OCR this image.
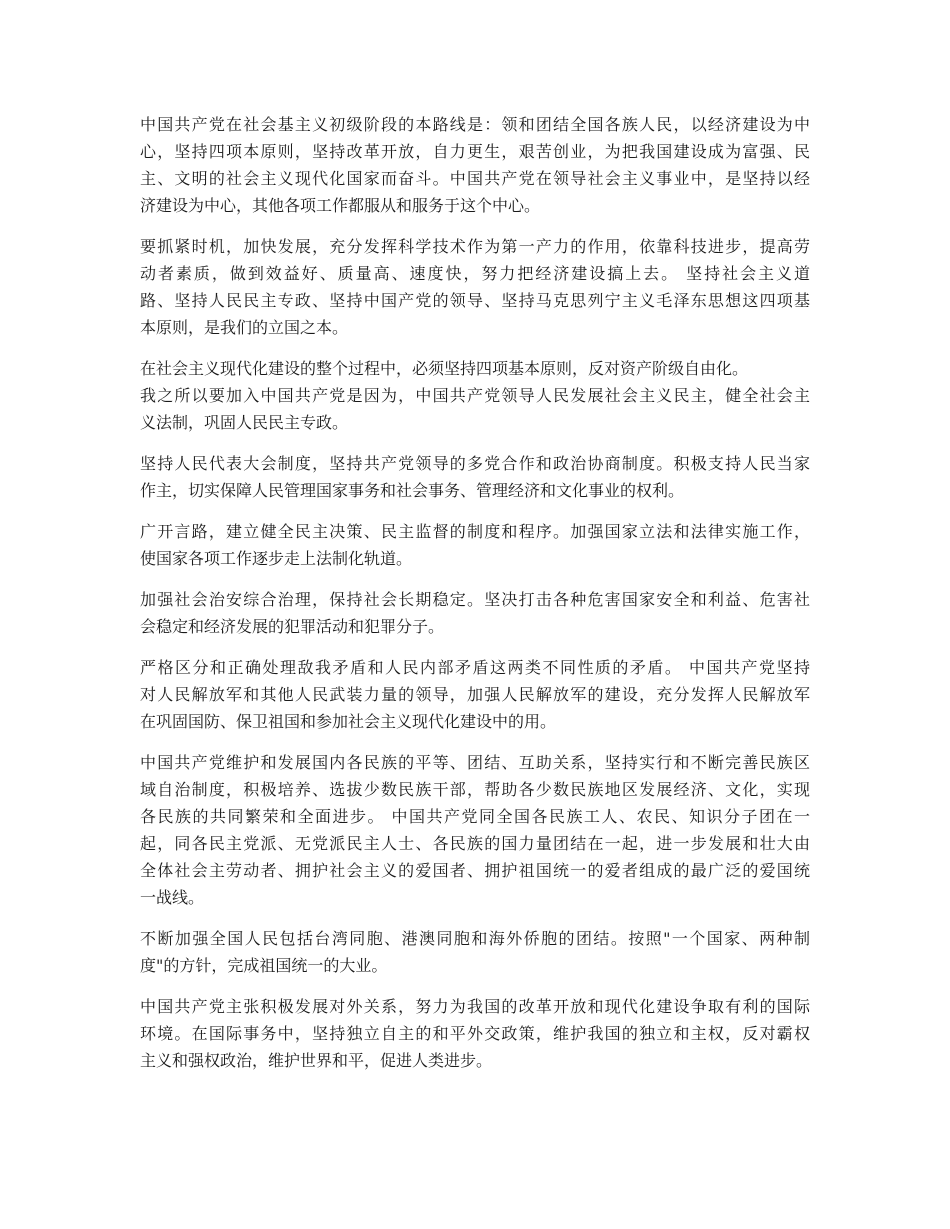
中国共产党在社会基主义初级阶段的本路线是：领和团结全国各族人民，以经济建设为中
心，坚持四项本原则，坚持改革开放，自力更生，艰苦创业，为把我国建设成为富强、民
主、文明的社会主义现代化国家而奋斗。中国共产党在领导社会主义事业中，是坚持以经
济建设为中心，其他各项工作都服从和服务于这个中心。
要抓紧时机，加快发展，充分发挥科学技术作为第一产力的作用，依靠科技进步，提高劳
动者素质，做到效益好、质量高、速度快，努力把经济建设搞上去。 坚持社会主义道
路、坚持人民民主专政、坚持中国产党的领导、坚持马克思列宁主义毛泽东思想这四项基
本原则，是我们的立国之本。
在社会主义现代化建设的整个过程中，必须坚持四项基本原则，反对资产阶级自由化。
我之所以要加入中国共产党是因为，中国共产党领导人民发展社会主义民主，健全社会主
义法制，巩固人民民主专政。
坚持人民代表大会制度，坚持共产党领导的多党合作和政治协商制度。积极支持人民当家
作主，切实保障人民管理国家事务和社会事务、管理经济和文化事业的权利。
广开言路，建立健全民主决策、民主监督的制度和程序。加强国家立法和法律实施工作，
使国家各项工作逐步走上法制化轨道。
加强社会治安综合治理，保持社会长期稳定。坚决打击各种危害国家安全和利益、危害社
会稳定和经济发展的犯罪活动和犯罪分子。
严格区分和正确处理敌我矛盾和人民内部矛盾这两类不同性质的矛盾。 中国共产党坚持
对人民解放军和其他人民武装力量的领导，加强人民解放军的建设，充分发挥人民解放军
在巩固国防、保卫祖国和参加社会主义现代化建设中的用。
中国共产党维护和发展国内各民族的平等、团结、互助关系，坚持实行和不断完善民族区
域自治制度，积极培养、选拔少数民族干部，帮助各少数民族地区发展经济、文化，实现
各民族的共同繁荣和全面进步。 中国共产党同全国各民族工人、农民、知识分子团在一
起，同各民主党派、无党派民主人士、各民族的国力量团结在一起，进一步发展和壮大由
全体社会主劳动者、拥护社会主义的爱国者、拥护祖国统一的爱者组成的最广泛的爱国统
一战线。
不断加强全国人民包括台湾同胞、港澳同胞和海外侨胞的团结。按照"一个国家、两种制
度"的方针，完成祖国统一的大业。
中国共产党主张积极发展对外关系，努力为我国的改革开放和现代化建设争取有利的国际
环境。在国际事务中，坚持独立自主的和平外交政策，维护我国的独立和主权，反对霸权
主义和强权政治，维护世界和平，促进人类进步。
